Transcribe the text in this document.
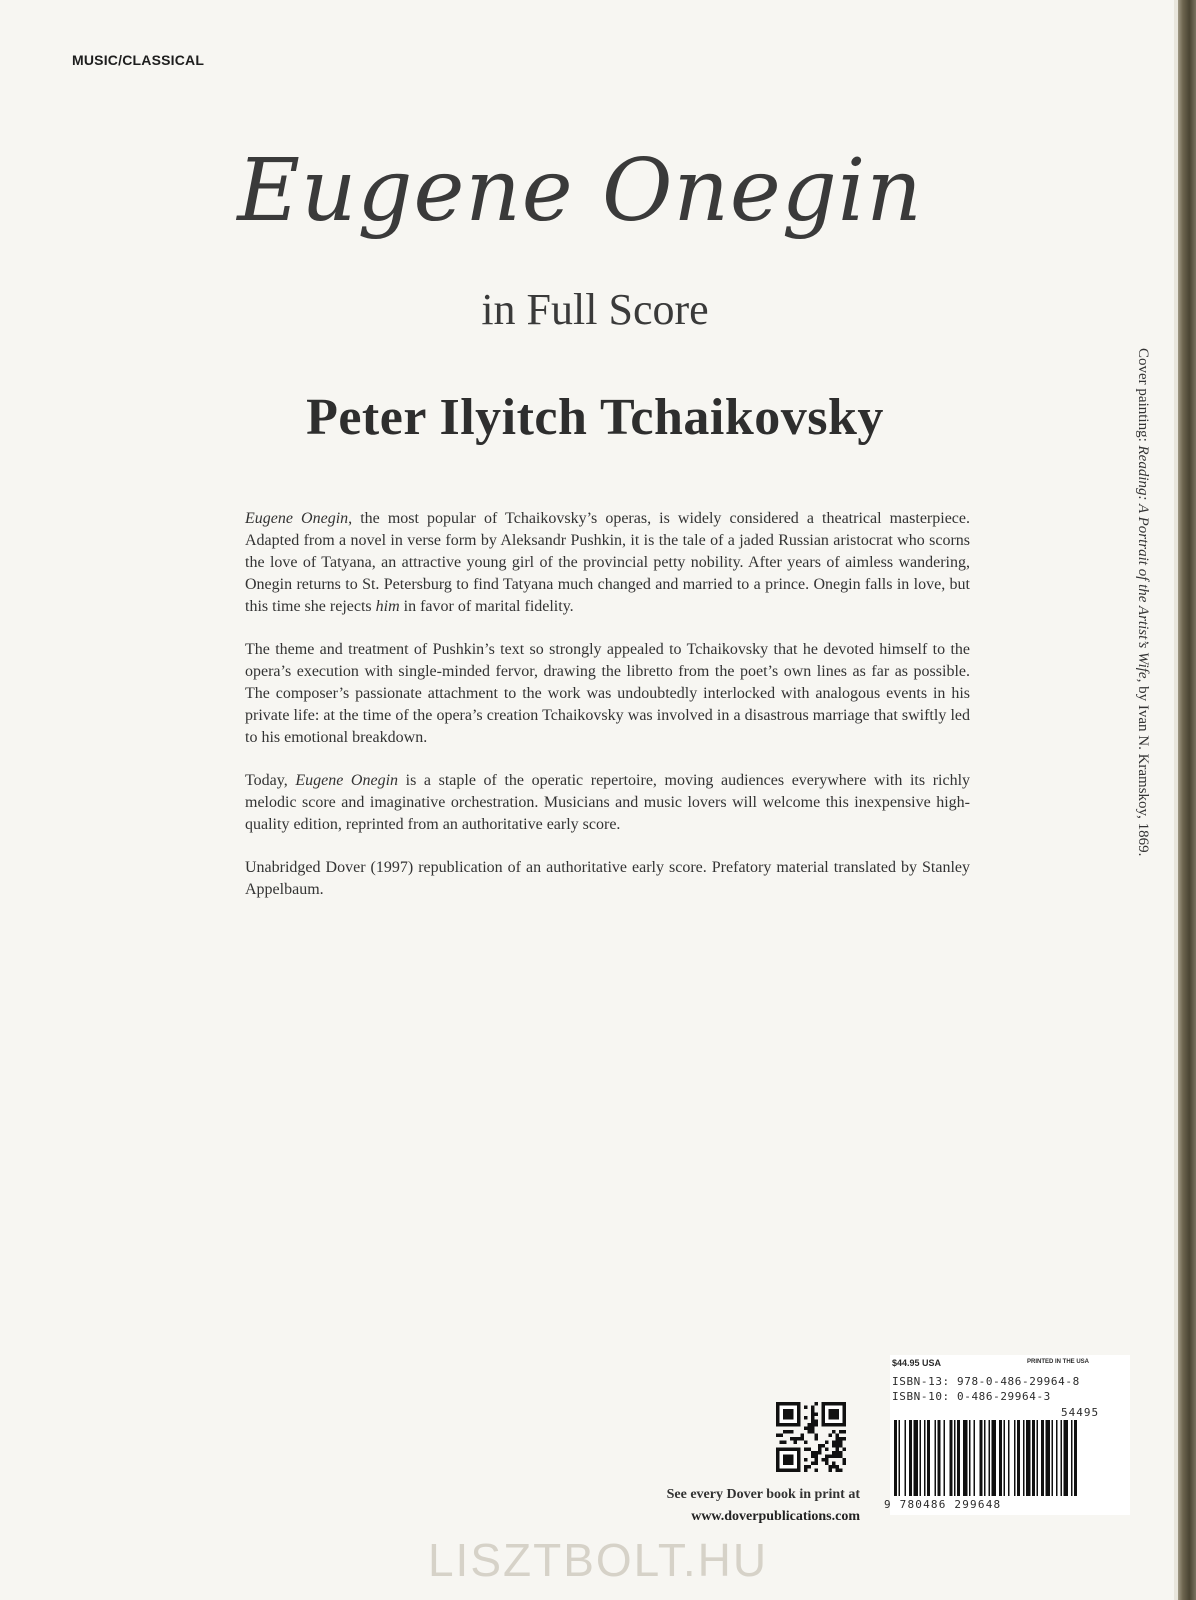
MUSIC/CLASSICAL
Eugene Onegin
in Full Score
Peter Ilyitch Tchaikovsky

Eugene Onegin, the most popular of Tchaikovsky’s operas, is widely considered a theatrical masterpiece. Adapted from a novel in verse form by Aleksandr Pushkin, it is the tale of a jaded Russian aristocrat who scorns the love of Tatyana, an attractive young girl of the provincial petty nobility. After years of aimless wandering, Onegin returns to St. Petersburg to find Tatyana much changed and married to a prince. Onegin falls in love, but this time she rejects him in favor of marital fidelity.

The theme and treatment of Pushkin’s text so strongly appealed to Tchaikovsky that he devoted himself to the opera’s execution with single-minded fervor, drawing the libretto from the poet’s own lines as far as possible. The composer’s passionate attachment to the work was undoubtedly interlocked with analogous events in his private life: at the time of the opera’s creation Tchaikovsky was involved in a disastrous marriage that swiftly led to his emotional breakdown.

Today, Eugene Onegin is a staple of the operatic repertoire, moving audiences everywhere with its richly melodic score and imaginative orchestration. Musicians and music lovers will welcome this inexpensive high-quality edition, reprinted from an authoritative early score.

Unabridged Dover (1997) republication of an authoritative early score. Prefatory material translated by Stanley Appelbaum.

Cover painting: Reading: A Portrait of the Artist’s Wife, by Ivan N. Kramskoy, 1869.
$44.95 USA	PRINTED IN THE USA
ISBN-13: 978-0-486-29964-8
ISBN-10: 0-486-29964-3
54495
9 780486 299648
See every Dover book in print at
www.doverpublications.com
LISZTBOLT.HU
